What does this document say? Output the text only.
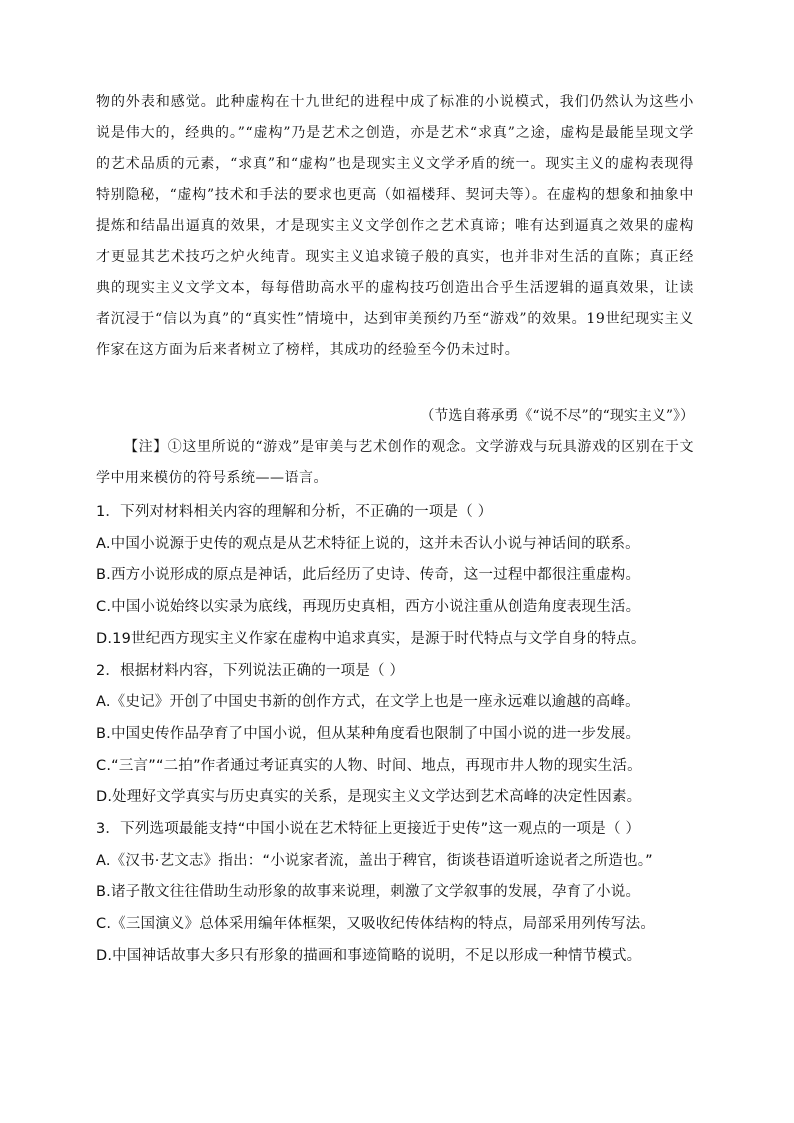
物的外表和感觉。此种虚构在十九世纪的进程中成了标准的小说模式，我们仍然认为这些小说是伟大的，经典的。”“虚构”乃是艺术之创造，亦是艺术“求真”之途，虚构是最能呈现文学的艺术品质的元素，“求真”和“虚构”也是现实主义文学矛盾的统一。现实主义的虚构表现得特别隐秘，“虚构”技术和手法的要求也更高（如福楼拜、契诃夫等）。在虚构的想象和抽象中提炼和结晶出逼真的效果，才是现实主义文学创作之艺术真谛；唯有达到逼真之效果的虚构才更显其艺术技巧之炉火纯青。现实主义追求镜子般的真实，也并非对生活的直陈；真正经典的现实主义文学文本，每每借助高水平的虚构技巧创造出合乎生活逻辑的逼真效果，让读者沉浸于“信以为真”的“真实性”情境中，达到审美预约乃至“游戏”的效果。19世纪现实主义作家在这方面为后来者树立了榜样，其成功的经验至今仍未过时。

（节选自蒋承勇《“说不尽”的“现实主义”》）
【注】①这里所说的“游戏”是审美与艺术创作的观念。文学游戏与玩具游戏的区别在于文学中用来模仿的符号系统——语言。

1．下列对材料相关内容的理解和分析，不正确的一项是（ ）

A.中国小说源于史传的观点是从艺术特征上说的，这并未否认小说与神话间的联系。

B.西方小说形成的原点是神话，此后经历了史诗、传奇，这一过程中都很注重虚构。

C.中国小说始终以实录为底线，再现历史真相，西方小说注重从创造角度表现生活。

D.19世纪西方现实主义作家在虚构中追求真实，是源于时代特点与文学自身的特点。

2．根据材料内容，下列说法正确的一项是（ ）

A.《史记》开创了中国史书新的创作方式，在文学上也是一座永远难以逾越的高峰。

B.中国史传作品孕育了中国小说，但从某种角度看也限制了中国小说的进一步发展。

C.“三言”“二拍”作者通过考证真实的人物、时间、地点，再现市井人物的现实生活。

D.处理好文学真实与历史真实的关系，是现实主义文学达到艺术高峰的决定性因素。

3．下列选项最能支持“中国小说在艺术特征上更接近于史传”这一观点的一项是（ ）

A.《汉书·艺文志》指出：“小说家者流，盖出于稗官，街谈巷语道听途说者之所造也。”

B.诸子散文往往借助生动形象的故事来说理，刺激了文学叙事的发展，孕育了小说。

C.《三国演义》总体采用编年体框架，又吸收纪传体结构的特点，局部采用列传写法。

D.中国神话故事大多只有形象的描画和事迹简略的说明，不足以形成一种情节模式。
